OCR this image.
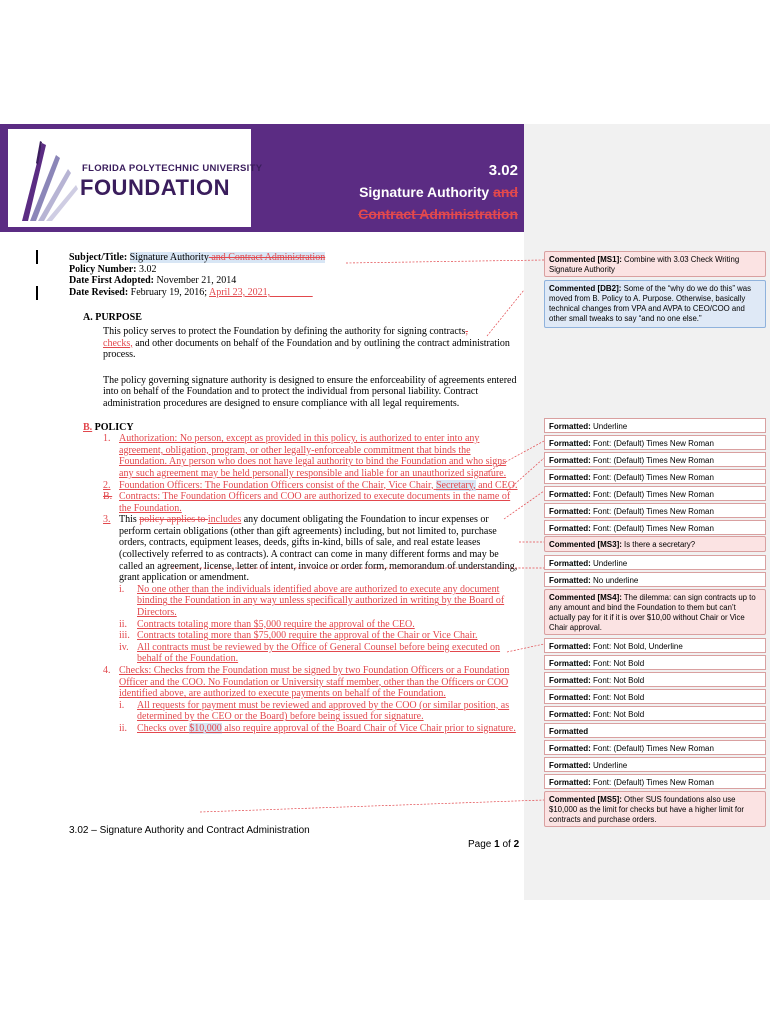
FLORIDA POLYTECHNIC UNIVERSITY
FOUNDATION
3.02
Signature Authority and
Contract Administration
Subject/Title: Signature Authority and Contract Administration
Policy Number: 3.02
Date First Adopted: November 21, 2014
Date Revised: February 19, 2016; April 23, 2021, ________
A. PURPOSE
This policy serves to protect the Foundation by defining the authority for signing contracts,
checks, and other documents on behalf of the Foundation and by outlining the contract administration process.
The policy governing signature authority is designed to ensure the enforceability of agreements entered into on behalf of the Foundation and to protect the individual from personal liability. Contract administration procedures are designed to ensure compliance with all legal requirements.
B. POLICY
1. Authorization: No person, except as provided in this policy, is authorized to enter into any agreement, obligation, program, or other legally-enforceable commitment that binds the Foundation. Any person who does not have legal authority to bind the Foundation and who signs any such agreement may be held personally responsible and liable for an unauthorized signature.
2. Foundation Officers: The Foundation Officers consist of the Chair, Vice Chair, Secretary, and CEO.
B. Contracts: The Foundation Officers and COO are authorized to execute documents in the name of the Foundation.
3. This policy applies to includes any document obligating the Foundation to incur expenses or perform certain obligations (other than gift agreements) including, but not limited to, purchase orders, contracts, equipment leases, deeds, gifts in-kind, bills of sale, and real estate leases (collectively referred to as contracts). A contract can come in many different forms and may be called an agreement, license, letter of intent, invoice or order form, memorandum of understanding, grant application or amendment.
i. No one other than the individuals identified above are authorized to execute any document binding the Foundation in any way unless specifically authorized in writing by the Board of Directors.
ii. Contracts totaling more than $5,000 require the approval of the CEO.
iii. Contracts totaling more than $75,000 require the approval of the Chair or Vice Chair.
iv. All contracts must be reviewed by the Office of General Counsel before being executed on behalf of the Foundation.
4. Checks: Checks from the Foundation must be signed by two Foundation Officers or a Foundation Officer and the COO. No Foundation or University staff member, other than the Officers or COO identified above, are authorized to execute payments on behalf of the Foundation.
i. All requests for payment must be reviewed and approved by the COO (or similar position, as determined by the CEO or the Board) before being issued for signature.
ii. Checks over $10,000 also require approval of the Board Chair of Vice Chair prior to signature.
3.02 – Signature Authority and Contract Administration
Page 1 of 2
Commented [MS1]: Combine with 3.03 Check Writing Signature Authority
Commented [DB2]: Some of the “why do we do this” was moved from B. Policy to A. Purpose. Otherwise, basically technical changes from VPA and AVPA to CEO/COO and other small tweaks to say “and no one else.”
Formatted: Underline
Formatted: Font: (Default) Times New Roman
Formatted: Font: (Default) Times New Roman
Formatted: Font: (Default) Times New Roman
Formatted: Font: (Default) Times New Roman
Formatted: Font: (Default) Times New Roman
Formatted: Font: (Default) Times New Roman
Commented [MS3]: Is there a secretary?
Formatted: Underline
Formatted: No underline
Commented [MS4]: The dilemma: can sign contracts up to any amount and bind the Foundation to them but can’t actually pay for it if it is over $10,00 without Chair or Vice Chair approval.
Formatted: Font: Not Bold, Underline
Formatted: Font: Not Bold
Formatted: Font: Not Bold
Formatted: Font: Not Bold
Formatted: Font: Not Bold
Formatted
Formatted: Font: (Default) Times New Roman
Formatted: Underline
Formatted: Font: (Default) Times New Roman
Commented [MS5]: Other SUS foundations also use $10,000 as the limit for checks but have a higher limit for contracts and purchase orders.
